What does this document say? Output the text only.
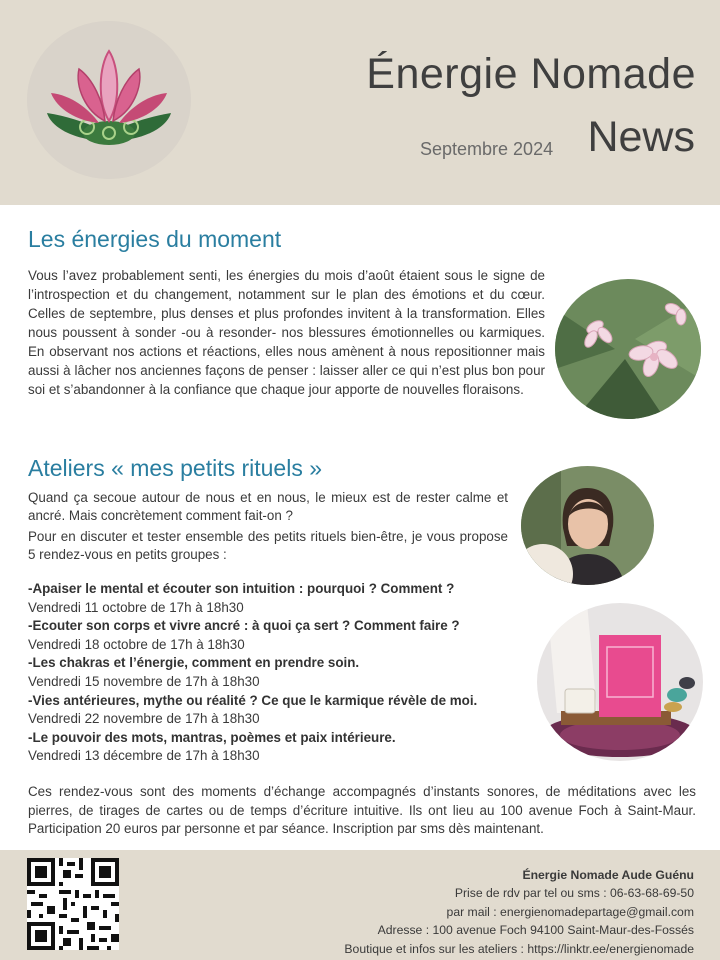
Énergie Nomade
Septembre 2024 News
Les énergies du moment

Vous l’avez probablement senti, les énergies du mois d’août étaient sous le signe de l’introspection et du changement, notamment sur le plan des émotions et du cœur. Celles de septembre, plus denses et plus profondes invitent à la transformation. Elles nous poussent à sonder -ou à resonder- nos blessures émotionnelles ou karmiques. En observant nos actions et réactions, elles nous amènent à nous repositionner mais aussi à lâcher nos anciennes façons de penser : laisser aller ce qui n’est plus bon pour soi et s’abandonner à la confiance que chaque jour apporte de nouvelles floraisons.

Ateliers « mes petits rituels »

Quand ça secoue autour de nous et en nous, le mieux est de rester calme et ancré. Mais concrètement comment fait-on ?

Pour en discuter et tester ensemble des petits rituels bien-être, je vous propose 5 rendez-vous en petits groupes :

-Apaiser le mental et écouter son intuition : pourquoi ? Comment ?
Vendredi 11 octobre de 17h à 18h30
-Ecouter son corps et vivre ancré : à quoi ça sert ? Comment faire ?
Vendredi 18 octobre de 17h à 18h30
-Les chakras et l’énergie, comment en prendre soin.
Vendredi 15 novembre de 17h à 18h30
-Vies antérieures, mythe ou réalité ? Ce que le karmique révèle de moi.
Vendredi 22 novembre de 17h à 18h30
-Le pouvoir des mots, mantras, poèmes et paix intérieure.
Vendredi 13 décembre de 17h à 18h30

Ces rendez-vous sont des moments d’échange accompagnés d’instants sonores, de méditations avec les pierres, de tirages de cartes ou de temps d’écriture intuitive. Ils ont lieu au 100 avenue Foch à Saint-Maur. Participation 20 euros par personne et par séance. Inscription par sms dès maintenant.

Énergie Nomade Aude Guénu
Prise de rdv par tel ou sms : 06-63-68-69-50
par mail : energienomadepartage@gmail.com
Adresse : 100 avenue Foch 94100 Saint-Maur-des-Fossés
Boutique et infos sur les ateliers : https://linktr.ee/energienomade
